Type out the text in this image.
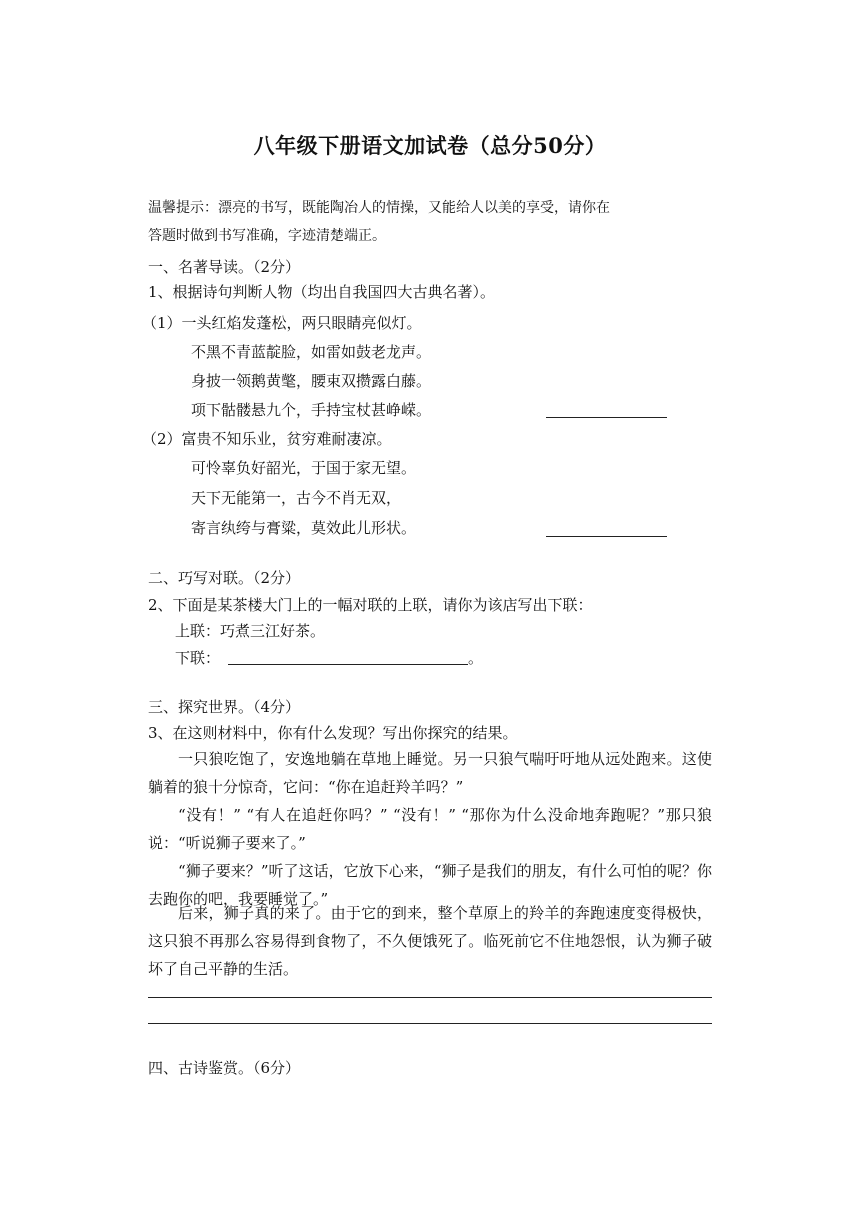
八年级下册语文加试卷（总分50分）
温馨提示：漂亮的书写，既能陶冶人的情操，又能给人以美的享受，请你在
答题时做到书写准确，字迹清楚端正。
一、名著导读。（2分）
1、根据诗句判断人物（均出自我国四大古典名著）。
（1）一头红焰发蓬松，两只眼睛亮似灯。
不黑不青蓝靛脸，如雷如鼓老龙声。
身披一领鹅黄氅，腰束双攒露白藤。
项下骷髅悬九个，手持宝杖甚峥嵘。
（2）富贵不知乐业，贫穷难耐凄凉。
可怜辜负好韶光，于国于家无望。
天下无能第一，古今不肖无双，
寄言纨绔与膏粱，莫效此儿形状。
二、巧写对联。（2分）
2、下面是某茶楼大门上的一幅对联的上联，请你为该店写出下联：
上联：巧煮三江好茶。
下联：	。
三、探究世界。（4分）
3、在这则材料中，你有什么发现？写出你探究的结果。
一只狼吃饱了，安逸地躺在草地上睡觉。另一只狼气喘吁吁地从远处跑来。这使躺着的狼十分惊奇，它问：“你在追赶羚羊吗？”
“没有！” “有人在追赶你吗？” “没有！” “那你为什么没命地奔跑呢？”那只狼说：“听说狮子要来了。”
“狮子要来？”听了这话，它放下心来，“狮子是我们的朋友，有什么可怕的呢？你去跑你的吧，我要睡觉了。”
后来，狮子真的来了。由于它的到来，整个草原上的羚羊的奔跑速度变得极快，这只狼不再那么容易得到食物了，不久便饿死了。临死前它不住地怨恨，认为狮子破坏了自己平静的生活。
四、古诗鉴赏。（6分）
